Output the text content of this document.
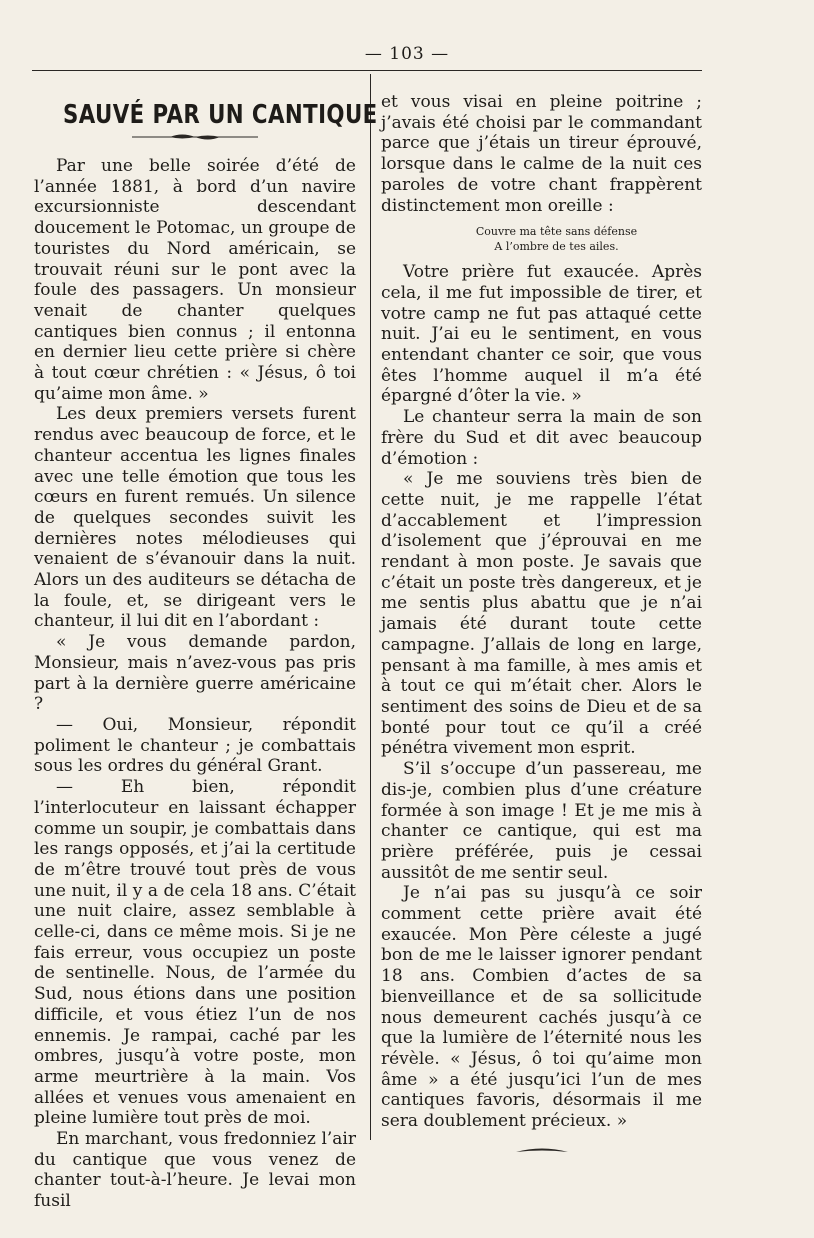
— 103 —
SAUVÉ PAR UN CANTIQUE

Par une belle soirée d’été de l’année 1881, à bord d’un navire excursionniste descendant doucement le Potomac, un groupe de touristes du Nord américain, se trouvait réuni sur le pont avec la foule des passagers. Un monsieur venait de chanter quelques cantiques bien connus ; il entonna en dernier lieu cette prière si chère à tout cœur chrétien : « Jésus, ô toi qu’aime mon âme. »

Les deux premiers versets furent rendus avec beaucoup de force, et le chanteur accentua les lignes finales avec une telle émotion que tous les cœurs en furent remués. Un silence de quelques secondes suivit les dernières notes mélodieuses qui venaient de s’évanouir dans la nuit. Alors un des auditeurs se détacha de la foule, et, se dirigeant vers le chanteur, il lui dit en l’abordant :

« Je vous demande pardon, Monsieur, mais n’avez-vous pas pris part à la dernière guerre américaine ?

— Oui, Monsieur, répondit poliment le chanteur ; je combattais sous les ordres du général Grant.

— Eh bien, répondit l’interlocuteur en laissant échapper comme un soupir, je combattais dans les rangs opposés, et j’ai la certitude de m’être trouvé tout près de vous une nuit, il y a de cela 18 ans. C’était une nuit claire, assez semblable à celle-ci, dans ce même mois. Si je ne fais erreur, vous occupiez un poste de sentinelle. Nous, de l’armée du Sud, nous étions dans une position difficile, et vous étiez l’un de nos ennemis. Je rampai, caché par les ombres, jusqu’à votre poste, mon arme meurtrière à la main. Vos allées et venues vous amenaient en pleine lumière tout près de moi.

En marchant, vous fredonniez l’air du cantique que vous venez de chanter tout-à-l’heure. Je levai mon fusil

et vous visai en pleine poitrine ; j’avais été choisi par le commandant parce que j’étais un tireur éprouvé, lorsque dans le calme de la nuit ces paroles de votre chant frappèrent distinctement mon oreille :

Couvre ma tête sans défense
A l’ombre de tes ailes.

Votre prière fut exaucée. Après cela, il me fut impossible de tirer, et votre camp ne fut pas attaqué cette nuit. J’ai eu le sentiment, en vous entendant chanter ce soir, que vous êtes l’homme auquel il m’a été épargné d’ôter la vie. »

Le chanteur serra la main de son frère du Sud et dit avec beaucoup d’émotion :

« Je me souviens très bien de cette nuit, je me rappelle l’état d’accablement et l’impression d’isolement que j’éprouvai en me rendant à mon poste. Je savais que c’était un poste très dangereux, et je me sentis plus abattu que je n’ai jamais été durant toute cette campagne. J’allais de long en large, pensant à ma famille, à mes amis et à tout ce qui m’était cher. Alors le sentiment des soins de Dieu et de sa bonté pour tout ce qu’il a créé pénétra vivement mon esprit.

S’il s’occupe d’un passereau, me dis-je, combien plus d’une créature formée à son image ! Et je me mis à chanter ce cantique, qui est ma prière préférée, puis je cessai aussitôt de me sentir seul.

Je n’ai pas su jusqu’à ce soir comment cette prière avait été exaucée. Mon Père céleste a jugé bon de me le laisser ignorer pendant 18 ans. Combien d’actes de sa bienveillance et de sa sollicitude nous demeurent cachés jusqu’à ce que la lumière de l’éternité nous les révèle. « Jésus, ô toi qu’aime mon âme » a été jusqu’ici l’un de mes cantiques favoris, désormais il me sera doublement précieux. »
